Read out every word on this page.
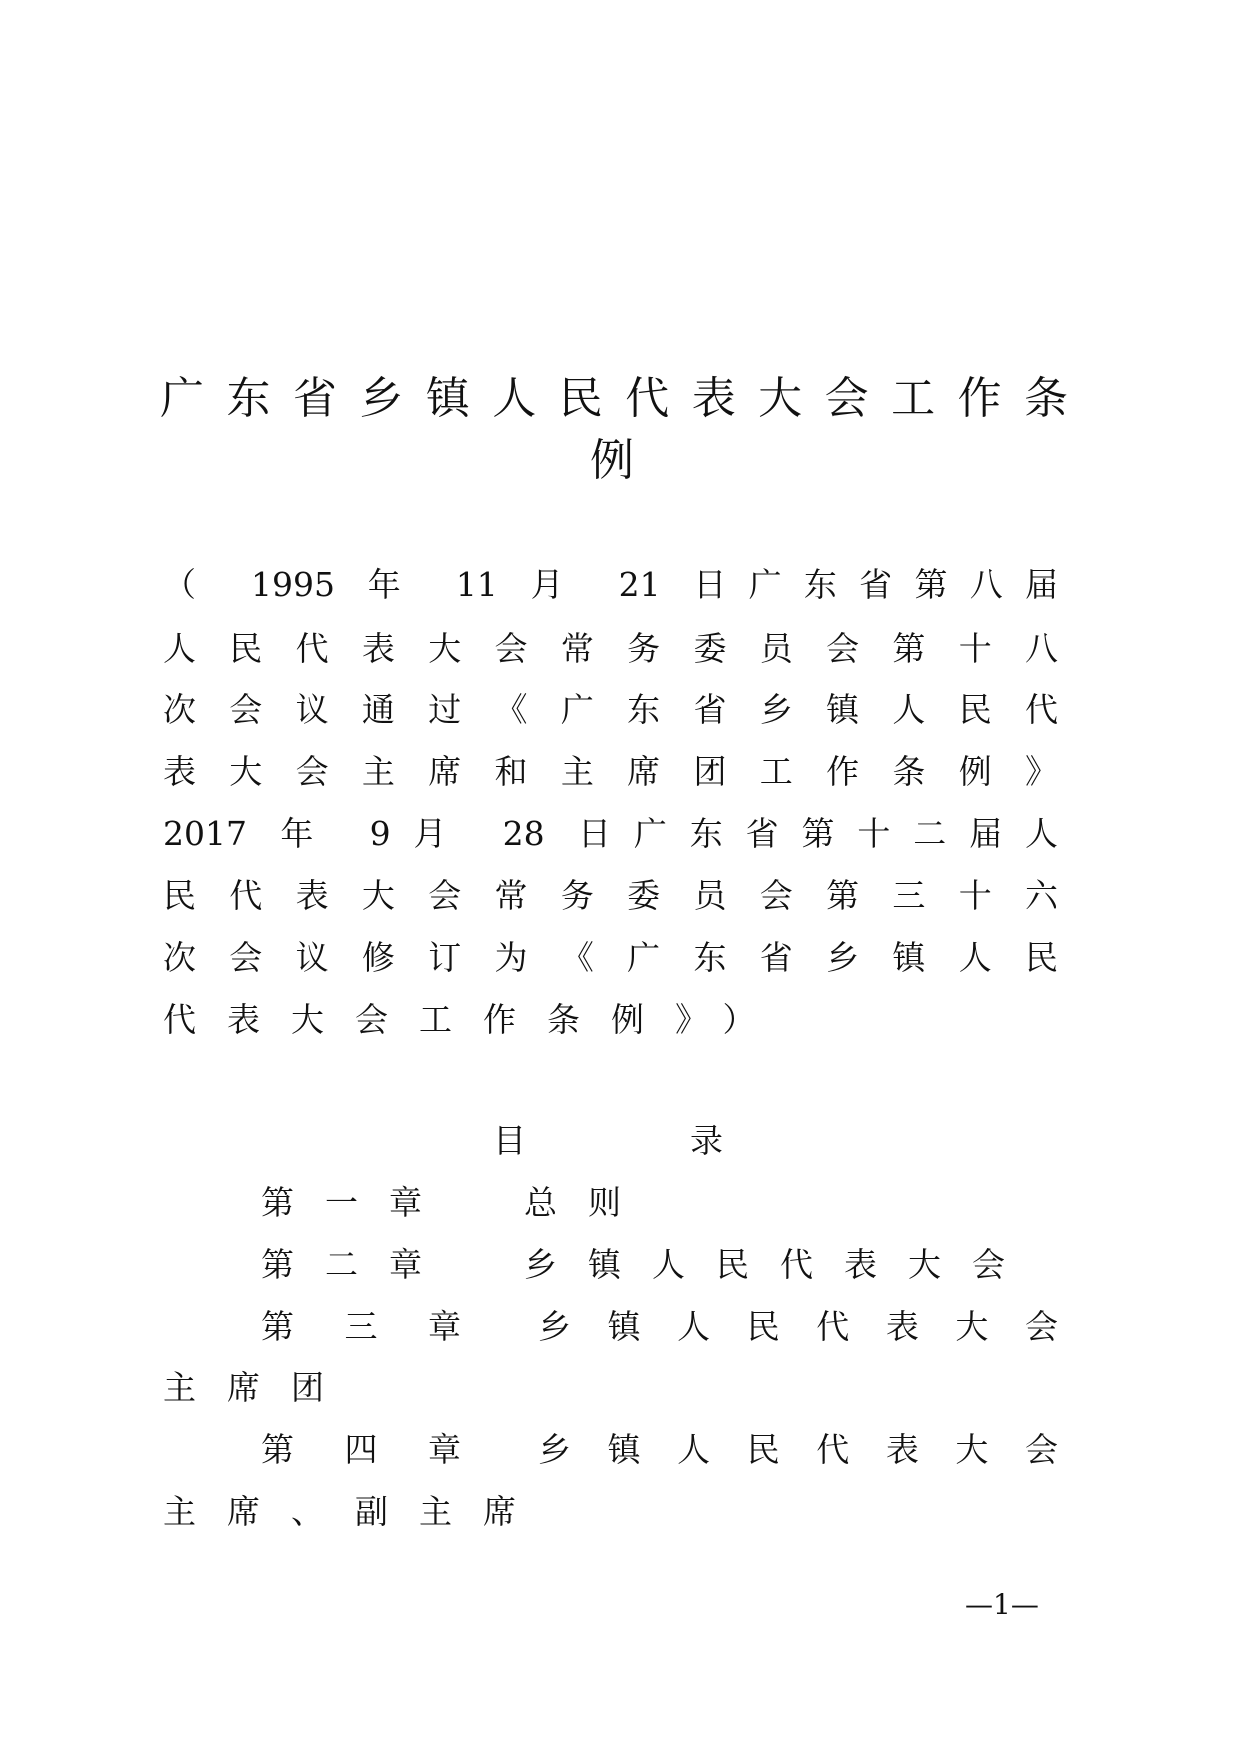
广东省乡镇人民代表大会工作条
例
（ 1995 年 11 月 21 日广东省第八届
人民代表大会常务委员会第十八
次会议通过《广东省乡镇人民代
表大会主席和主席团工作条例》
2017 年 9月 28 日广东省第十二届人
民代表大会常务委员会第三十六
次会议修订为《广东省乡镇人民
代表大会工作条例》）
目	录
第一章 总则
第二章 乡镇人民代表大会
第三章 乡镇人民代表大会
主席团
第四章 乡镇人民代表大会
主席、副主席
—1—
